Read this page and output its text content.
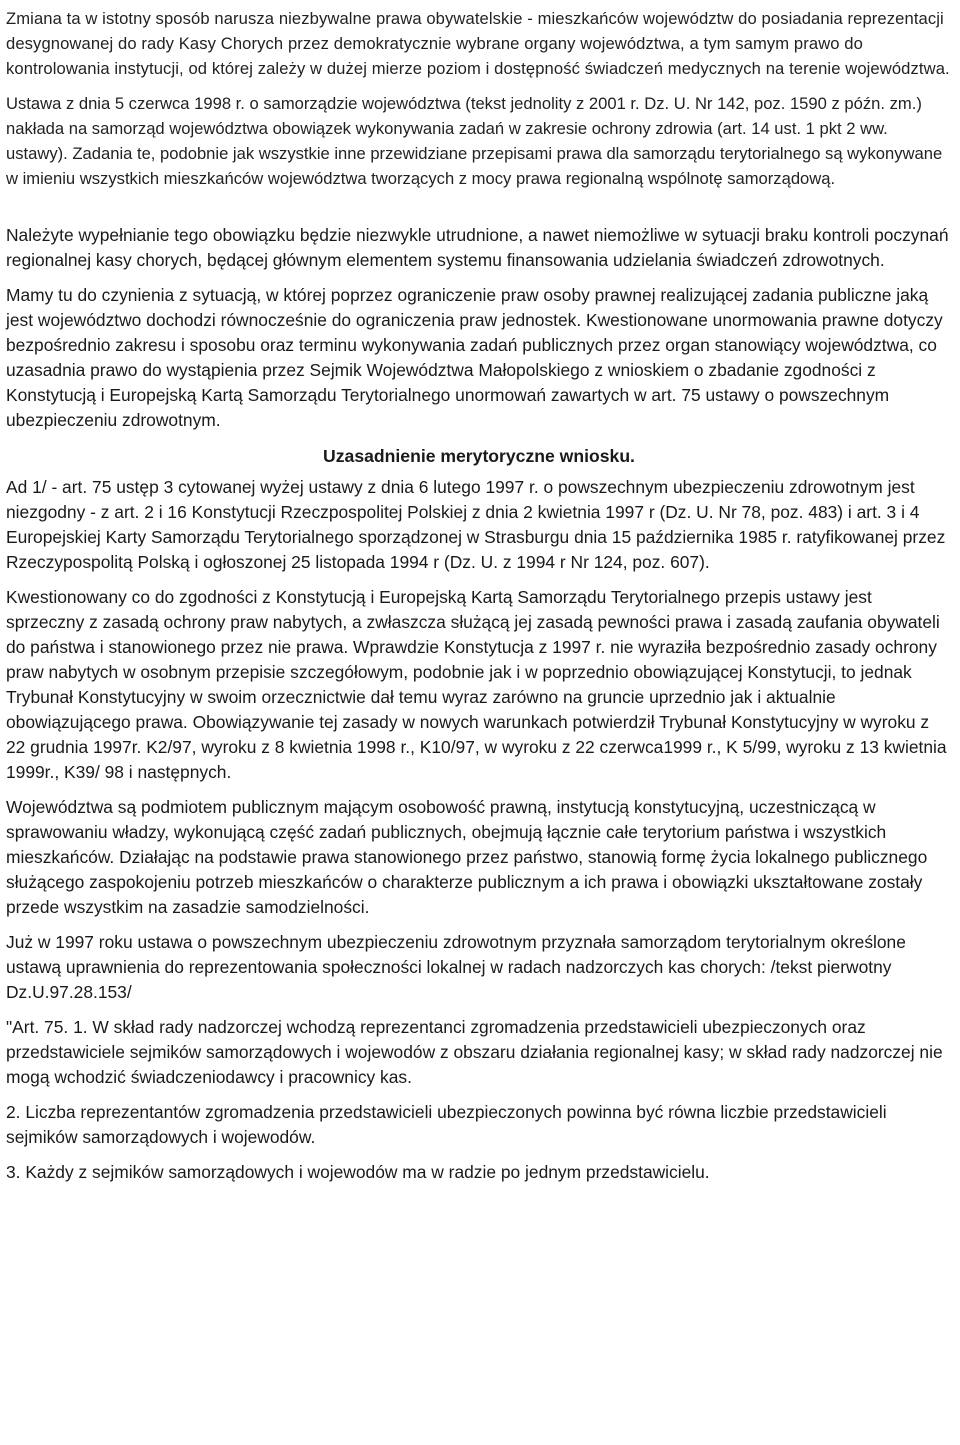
Zmiana ta w istotny sposób narusza niezbywalne prawa obywatelskie - mieszkańców województw do posiadania reprezentacji desygnowanej do rady Kasy Chorych przez demokratycznie wybrane organy województwa, a tym samym prawo do kontrolowania instytucji, od której zależy w dużej mierze poziom i dostępność świadczeń medycznych na terenie województwa.

Ustawa z dnia 5 czerwca 1998 r. o samorządzie województwa (tekst jednolity z 2001 r. Dz. U. Nr 142, poz. 1590 z późn. zm.) nakłada na samorząd województwa obowiązek wykonywania zadań w zakresie ochrony zdrowia (art. 14 ust. 1 pkt 2 ww. ustawy). Zadania te, podobnie jak wszystkie inne przewidziane przepisami prawa dla samorządu terytorialnego są wykonywane w imieniu wszystkich mieszkańców województwa tworzących z mocy prawa regionalną wspólnotę samorządową.

Należyte wypełnianie tego obowiązku będzie niezwykle utrudnione, a nawet niemożliwe w sytuacji braku kontroli poczynań regionalnej kasy chorych, będącej głównym elementem systemu finansowania udzielania świadczeń zdrowotnych.

Mamy tu do czynienia z sytuacją, w której poprzez ograniczenie praw osoby prawnej realizującej zadania publiczne jaką jest województwo dochodzi równocześnie do ograniczenia praw jednostek. Kwestionowane unormowania prawne dotyczy bezpośrednio zakresu i sposobu oraz terminu wykonywania zadań publicznych przez organ stanowiący województwa, co uzasadnia prawo do wystąpienia przez Sejmik Województwa Małopolskiego z wnioskiem o zbadanie zgodności z Konstytucją i Europejską Kartą Samorządu Terytorialnego unormowań zawartych w art. 75 ustawy o powszechnym ubezpieczeniu zdrowotnym.

Uzasadnienie merytoryczne wniosku.

Ad 1/ - art. 75 ustęp 3 cytowanej wyżej ustawy z dnia 6 lutego 1997 r. o powszechnym ubezpieczeniu zdrowotnym jest niezgodny - z art. 2 i 16 Konstytucji Rzeczpospolitej Polskiej z dnia 2 kwietnia 1997 r (Dz. U. Nr 78, poz. 483) i art. 3 i 4 Europejskiej Karty Samorządu Terytorialnego sporządzonej w Strasburgu dnia 15 października 1985 r. ratyfikowanej przez Rzeczypospolitą Polską i ogłoszonej 25 listopada 1994 r (Dz. U. z 1994 r Nr 124, poz. 607).

Kwestionowany co do zgodności z Konstytucją i Europejską Kartą Samorządu Terytorialnego przepis ustawy jest sprzeczny z zasadą ochrony praw nabytych, a zwłaszcza służącą jej zasadą pewności prawa i zasadą zaufania obywateli do państwa i stanowionego przez nie prawa. Wprawdzie Konstytucja z 1997 r. nie wyraziła bezpośrednio zasady ochrony praw nabytych w osobnym przepisie szczegółowym, podobnie jak i w poprzednio obowiązującej Konstytucji, to jednak Trybunał Konstytucyjny w swoim orzecznictwie dał temu wyraz zarówno na gruncie uprzednio jak i aktualnie obowiązującego prawa. Obowiązywanie tej zasady w nowych warunkach potwierdził Trybunał Konstytucyjny w wyroku z 22 grudnia 1997r. K2/97, wyroku z 8 kwietnia 1998 r., K10/97, w wyroku z 22 czerwca1999 r., K 5/99, wyroku z 13 kwietnia 1999r., K39/ 98 i następnych.

Województwa są podmiotem publicznym mającym osobowość prawną, instytucją konstytucyjną, uczestniczącą w sprawowaniu władzy, wykonującą część zadań publicznych, obejmują łącznie całe terytorium państwa i wszystkich mieszkańców. Działając na podstawie prawa stanowionego przez państwo, stanowią formę życia lokalnego publicznego służącego zaspokojeniu potrzeb mieszkańców o charakterze publicznym a ich prawa i obowiązki ukształtowane zostały przede wszystkim na zasadzie samodzielności.

Już w 1997 roku ustawa o powszechnym ubezpieczeniu zdrowotnym przyznała samorządom terytorialnym określone ustawą uprawnienia do reprezentowania społeczności lokalnej w radach nadzorczych kas chorych: /tekst pierwotny Dz.U.97.28.153/

"Art. 75. 1. W skład rady nadzorczej wchodzą reprezentanci zgromadzenia przedstawicieli ubezpieczonych oraz przedstawiciele sejmików samorządowych i wojewodów z obszaru działania regionalnej kasy; w skład rady nadzorczej nie mogą wchodzić świadczeniodawcy i pracownicy kas.

2. Liczba reprezentantów zgromadzenia przedstawicieli ubezpieczonych powinna być równa liczbie przedstawicieli sejmików samorządowych i wojewodów.

3. Każdy z sejmików samorządowych i wojewodów ma w radzie po jednym przedstawicielu.
